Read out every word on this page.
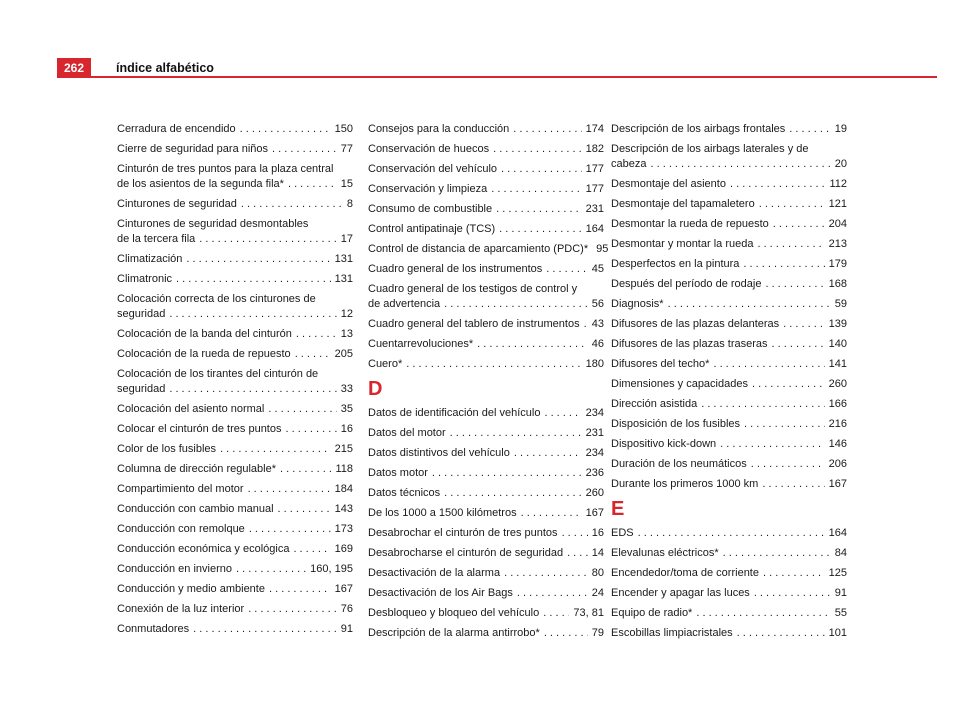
262	índice alfabético
Cerradura de encendido . . .	150
Cierre de seguridad para niños . . .	77
Cinturón de tres puntos para la plaza central
de los asientos de la segunda fila* . . .	15
Cinturones de seguridad . . .	8
Cinturones de seguridad desmontables
de la tercera fila . . .	17
Climatización . . .	131
Climatronic . . .	131
Colocación correcta de los cinturones de
seguridad . . .	12
Colocación de la banda del cinturón . . .	13
Colocación de la rueda de repuesto . . .	205
Colocación de los tirantes del cinturón de
seguridad . . .	33
Colocación del asiento normal . . .	35
Colocar el cinturón de tres puntos . . .	16
Color de los fusibles . . .	215
Columna de dirección regulable* . . .	118
Compartimiento del motor . . .	184
Conducción con cambio manual . . .	143
Conducción con remolque . . .	173
Conducción económica y ecológica . . .	169
Conducción en invierno . . .	160, 195
Conducción y medio ambiente . . .	167
Conexión de la luz interior . . .	76
Conmutadores . . .	91
Consejos para la conducción . . .	174
Conservación de huecos . . .	182
Conservación del vehículo . . .	177
Conservación y limpieza . . .	177
Consumo de combustible . . .	231
Control antipatinaje (TCS) . . .	164
Control de distancia de aparcamiento (PDC)* 95
Cuadro general de los instrumentos . . .	45
Cuadro general de los testigos de control y
de advertencia . . .	56
Cuadro general del tablero de instrumentos . . . 43
Cuentarrevoluciones* . . .	46
Cuero* . . .	180
D
Datos de identificación del vehículo . . .	234
Datos del motor . . .	231
Datos distintivos del vehículo . . .	234
Datos motor . . .	236
Datos técnicos . . .	260
De los 1000 a 1500 kilómetros . . .	167
Desabrochar el cinturón de tres puntos . . .	16
Desabrocharse el cinturón de seguridad . . .	14
Desactivación de la alarma . . .	80
Desactivación de los Air Bags . . .	24
Desbloqueo y bloqueo del vehículo . . .	73, 81
Descripción de la alarma antirrobo* . . .	79
Descripción de los airbags frontales . . .	19
Descripción de los airbags laterales y de
cabeza . . .	20
Desmontaje del asiento . . .	112
Desmontaje del tapamaletero . . .	121
Desmontar la rueda de repuesto . . .	204
Desmontar y montar la rueda . . .	213
Desperfectos en la pintura . . .	179
Después del período de rodaje . . .	168
Diagnosis* . . .	59
Difusores de las plazas delanteras . . .	139
Difusores de las plazas traseras . . .	140
Difusores del techo* . . .	141
Dimensiones y capacidades . . .	260
Dirección asistida . . .	166
Disposición de los fusibles . . .	216
Dispositivo kick-down . . .	146
Duración de los neumáticos . . .	206
Durante los primeros 1000 km . . .	167
E
EDS . . .	164
Elevalunas eléctricos* . . .	84
Encendedor/toma de corriente . . .	125
Encender y apagar las luces . . .	91
Equipo de radio* . . .	55
Escobillas limpiacristales . . .	101
